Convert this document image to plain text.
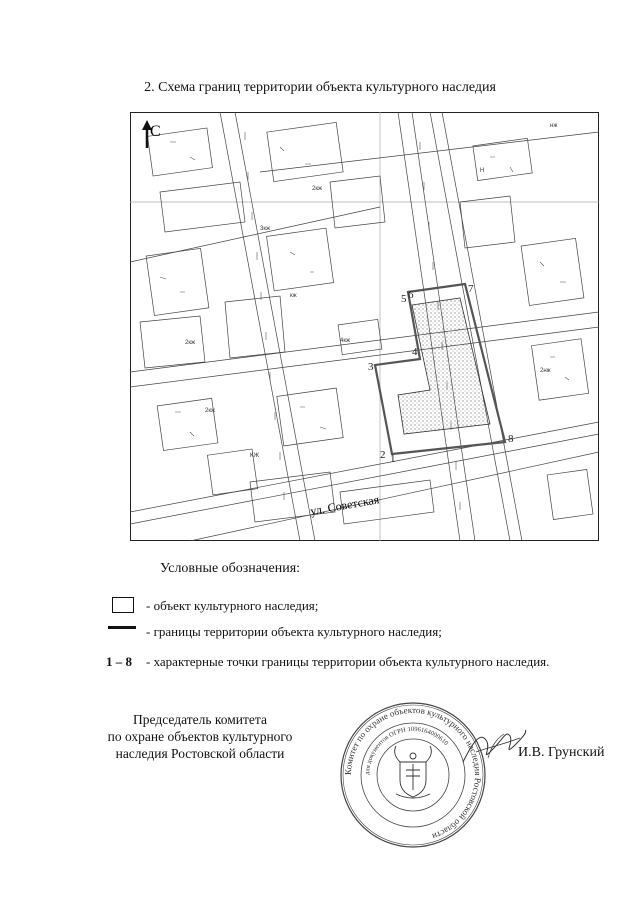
2. Схема границ территории объекта культурного наследия
С
ул. Советская
1
2
3
4
5 6	7
8
2кж
3кж
2кж
кж
нж
2кж
4кж
2нж
Н
КЖ
Условные обозначения:
- объект культурного наследия;
- границы территории объекта культурного наследия;
1 – 8 - характерные точки границы территории объекта культурного наследия.
Председатель комитета
по охране объектов культурного
наследия Ростовской области
Комитет по охране объектов культурного наследия Ростовской области
для документов ОГРН 1096164000610
И.В. Грунский
